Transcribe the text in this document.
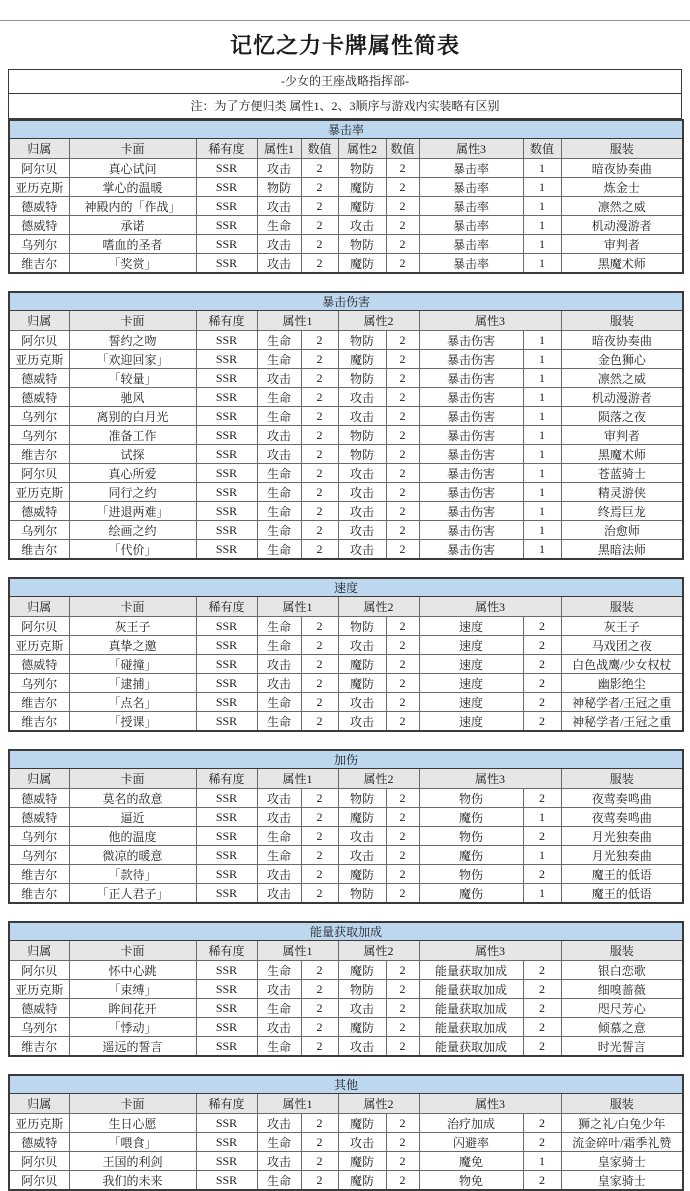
记忆之力卡牌属性简表
-少女的王座战略指挥部-
注：为了方便归类 属性1、2、3顺序与游戏内实装略有区别
暴击率									
归属	卡面	稀有度	属性1	数值	属性2	数值	属性3	数值	服装
阿尔贝	真心试问	SSR	攻击	2	物防	2	暴击率	1	暗夜协奏曲
亚历克斯	掌心的温暖	SSR	物防	2	魔防	2	暴击率	1	炼金士
德威特	神殿内的「作战」	SSR	攻击	2	魔防	2	暴击率	1	凛然之威
德威特	承诺	SSR	生命	2	攻击	2	暴击率	1	机动漫游者
乌列尔	嗜血的圣者	SSR	攻击	2	物防	2	暴击率	1	审判者
维吉尔	「奖赏」	SSR	攻击	2	魔防	2	暴击率	1	黑魔术师
暴击伤害									
归属	卡面	稀有度	属性1		属性2		属性3		服装
阿尔贝	誓约之吻	SSR	生命	2	物防	2	暴击伤害	1	暗夜协奏曲
亚历克斯	「欢迎回家」	SSR	生命	2	魔防	2	暴击伤害	1	金色狮心
德威特	「较量」	SSR	攻击	2	物防	2	暴击伤害	1	凛然之威
德威特	驰风	SSR	生命	2	攻击	2	暴击伤害	1	机动漫游者
乌列尔	离别的白月光	SSR	生命	2	攻击	2	暴击伤害	1	陨落之夜
乌列尔	准备工作	SSR	攻击	2	物防	2	暴击伤害	1	审判者
维吉尔	试探	SSR	攻击	2	物防	2	暴击伤害	1	黑魔术师
阿尔贝	真心所爱	SSR	生命	2	攻击	2	暴击伤害	1	苍蓝骑士
亚历克斯	同行之约	SSR	生命	2	攻击	2	暴击伤害	1	精灵游侠
德威特	「进退两难」	SSR	生命	2	攻击	2	暴击伤害	1	终焉巨龙
乌列尔	绘画之约	SSR	生命	2	攻击	2	暴击伤害	1	治愈师
维吉尔	「代价」	SSR	生命	2	攻击	2	暴击伤害	1	黑暗法师
速度									
归属	卡面	稀有度	属性1		属性2		属性3		服装
阿尔贝	灰王子	SSR	生命	2	物防	2	速度	2	灰王子
亚历克斯	真挚之邀	SSR	生命	2	攻击	2	速度	2	马戏团之夜
德威特	「碰撞」	SSR	攻击	2	魔防	2	速度	2	白色战鹰/少女权杖
乌列尔	「逮捕」	SSR	攻击	2	魔防	2	速度	2	幽影绝尘
维吉尔	「点名」	SSR	生命	2	攻击	2	速度	2	神秘学者/王冠之重
维吉尔	「授课」	SSR	生命	2	攻击	2	速度	2	神秘学者/王冠之重
加伤									
归属	卡面	稀有度	属性1		属性2		属性3		服装
德威特	莫名的敌意	SSR	攻击	2	物防	2	物伤	2	夜莺奏鸣曲
德威特	逼近	SSR	攻击	2	魔防	2	魔伤	1	夜莺奏鸣曲
乌列尔	他的温度	SSR	生命	2	攻击	2	物伤	2	月光独奏曲
乌列尔	微凉的暖意	SSR	生命	2	攻击	2	魔伤	1	月光独奏曲
维吉尔	「款待」	SSR	攻击	2	魔防	2	物伤	2	魔王的低语
维吉尔	「正人君子」	SSR	攻击	2	物防	2	魔伤	1	魔王的低语
能量获取加成									
归属	卡面	稀有度	属性1		属性2		属性3		服装
阿尔贝	怀中心跳	SSR	生命	2	魔防	2	能量获取加成	2	银白恋歌
亚历克斯	「束缚」	SSR	攻击	2	物防	2	能量获取加成	2	细嗅蔷薇
德威特	眸间花开	SSR	生命	2	攻击	2	能量获取加成	2	咫尺芳心
乌列尔	「悸动」	SSR	攻击	2	魔防	2	能量获取加成	2	倾慕之意
维吉尔	遥远的誓言	SSR	生命	2	攻击	2	能量获取加成	2	时光誓言
其他									
归属	卡面	稀有度	属性1		属性2		属性3		服装
亚历克斯	生日心愿	SSR	攻击	2	魔防	2	治疗加成	2	狮之礼/白兔少年
德威特	「喂食」	SSR	生命	2	攻击	2	闪避率	2	流金碎叶/霜季礼赞
阿尔贝	王国的利剑	SSR	攻击	2	魔防	2	魔免	1	皇家骑士
阿尔贝	我们的未来	SSR	生命	2	魔防	2	物免	2	皇家骑士
